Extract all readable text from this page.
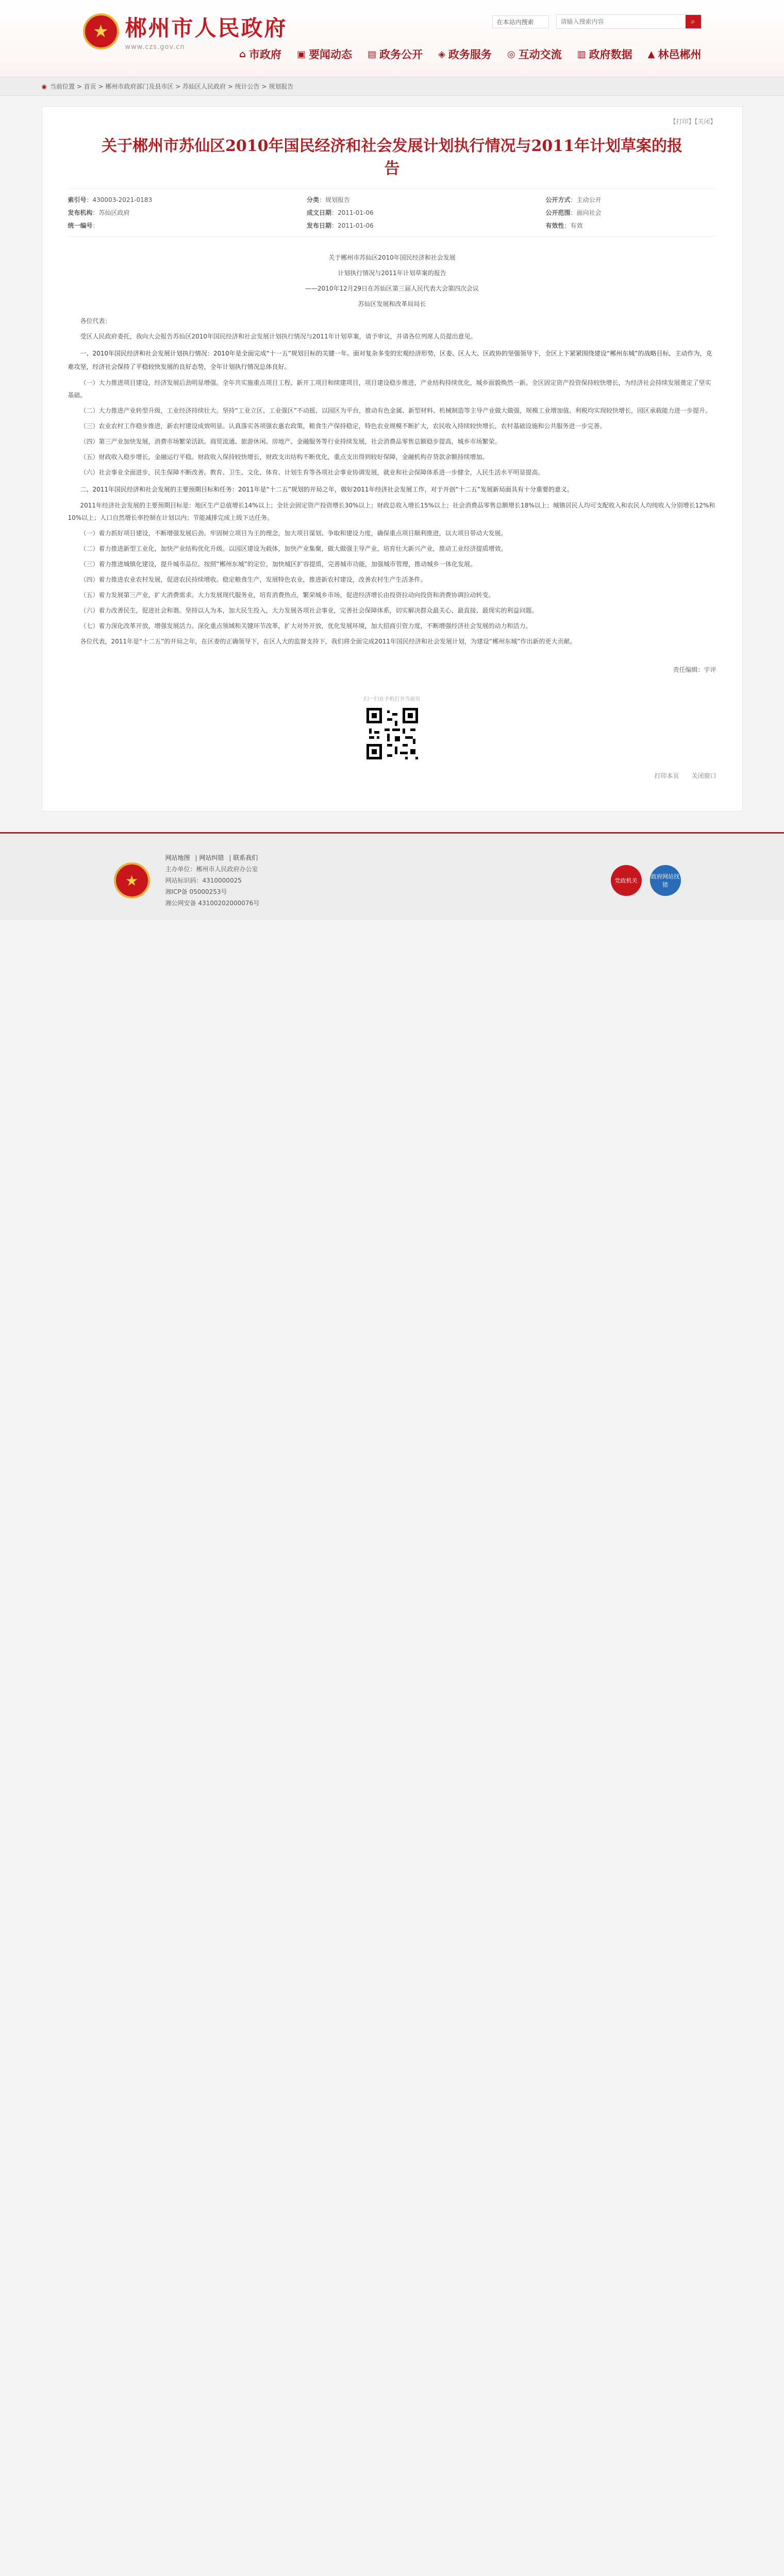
★ 郴州市人民政府
www.czs.gov.cn
在本站内搜索
请输入搜索内容	⌕
⌂ 市政府 ▣ 要闻动态 ▤ 政务公开 ◈ 政务服务 ◎ 互动交流 ▥ 政府数据 ▲ 林邑郴州
◉ 当前位置 > 首页 > 郴州市政府部门及县市区 > 苏仙区人民政府 > 统计公告 > 规划报告
【打印】【关闭】
关于郴州市苏仙区2010年国民经济和社会发展计划执行情况与2011年计划草案的报告
索引号：430003-2021-0183	分类：规划报告	公开方式：主动公开
发布机构：苏仙区政府	成文日期：2011-01-06	公开范围：面向社会
统一编号：	发布日期：2011-01-06	有效性：有效
关于郴州市苏仙区2010年国民经济和社会发展
计划执行情况与2011年计划草案的报告
——2010年12月29日在苏仙区第三届人民代表大会第四次会议
苏仙区发展和改革局局长
各位代表：
受区人民政府委托，我向大会报告苏仙区2010年国民经济和社会发展计划执行情况与2011年计划草案，请予审议，并请各位列席人员提出意见。
一、2010年国民经济和社会发展计划执行情况：2010年是全面完成“十一五”规划目标的关键一年。面对复杂多变的宏观经济形势，区委、区人大、区政协的坚强领导下，全区上下紧紧围绕建设“郴州东城”的战略目标，主动作为，克难攻坚，经济社会保持了平稳较快发展的良好态势，全年计划执行情况总体良好。
（一）大力推进项目建设，经济发展后劲明显增强。全年共实施重点项目工程、新开工项目和续建项目，项目建设稳步推进，产业结构持续优化，城乡面貌焕然一新。全区固定资产投资保持较快增长，为经济社会持续发展奠定了坚实基础。
（二）大力推进产业转型升级，工业经济持续壮大。坚持“工业立区、工业强区”不动摇，以园区为平台，推动有色金属、新型材料、机械制造等主导产业做大做强，规模工业增加值、利税均实现较快增长，园区承载能力进一步提升。
（三）农业农村工作稳步推进，新农村建设成效明显。认真落实各项强农惠农政策，粮食生产保持稳定，特色农业规模不断扩大，农民收入持续较快增长，农村基础设施和公共服务进一步完善。
（四）第三产业加快发展，消费市场繁荣活跃。商贸流通、旅游休闲、房地产、金融服务等行业持续发展，社会消费品零售总额稳步提高，城乡市场繁荣。
（五）财政收入稳步增长，金融运行平稳。财政收入保持较快增长，财政支出结构不断优化，重点支出得到较好保障，金融机构存贷款余额持续增加。
（六）社会事业全面进步，民生保障不断改善。教育、卫生、文化、体育、计划生育等各项社会事业协调发展，就业和社会保障体系进一步健全，人民生活水平明显提高。
二、2011年国民经济和社会发展的主要预期目标和任务：2011年是“十二五”规划的开局之年，做好2011年经济社会发展工作，对于开创“十二五”发展新局面具有十分重要的意义。
2011年经济社会发展的主要预期目标是：地区生产总值增长14%以上；全社会固定资产投资增长30%以上；财政总收入增长15%以上；社会消费品零售总额增长18%以上；城镇居民人均可支配收入和农民人均纯收入分别增长12%和10%以上；人口自然增长率控制在计划以内；节能减排完成上级下达任务。
（一）着力抓好项目建设，不断增强发展后劲。牢固树立项目为王的理念，加大项目谋划、争取和建设力度，确保重点项目顺利推进，以大项目带动大发展。
（二）着力推进新型工业化，加快产业结构优化升级。以园区建设为载体，加快产业集聚，做大做强主导产业，培育壮大新兴产业，推动工业经济提质增效。
（三）着力推进城镇化建设，提升城市品位。按照“郴州东城”的定位，加快城区扩容提质，完善城市功能，加强城市管理，推动城乡一体化发展。
（四）着力推进农业农村发展，促进农民持续增收。稳定粮食生产，发展特色农业，推进新农村建设，改善农村生产生活条件。
（五）着力发展第三产业，扩大消费需求。大力发展现代服务业，培育消费热点，繁荣城乡市场，促进经济增长由投资拉动向投资和消费协调拉动转变。
（六）着力改善民生，促进社会和谐。坚持以人为本，加大民生投入，大力发展各项社会事业，完善社会保障体系，切实解决群众最关心、最直接、最现实的利益问题。
（七）着力深化改革开放，增强发展活力。深化重点领域和关键环节改革，扩大对外开放，优化发展环境，加大招商引资力度，不断增强经济社会发展的动力和活力。
各位代表，2011年是“十二五”的开局之年，在区委的正确领导下，在区人大的监督支持下，我们将全面完成2011年国民经济和社会发展计划，为建设“郴州东城”作出新的更大贡献。
责任编辑：宇评
扫一扫在手机打开当前页
打印本页 关闭窗口
★
网站地图 | 网站纠错 | 联系我们
主办单位：郴州市人民政府办公室
网站标识码：4310000025
湘ICP备 05000253号
湘公网安备 43100202000076号
党政机关
政府网站找错
